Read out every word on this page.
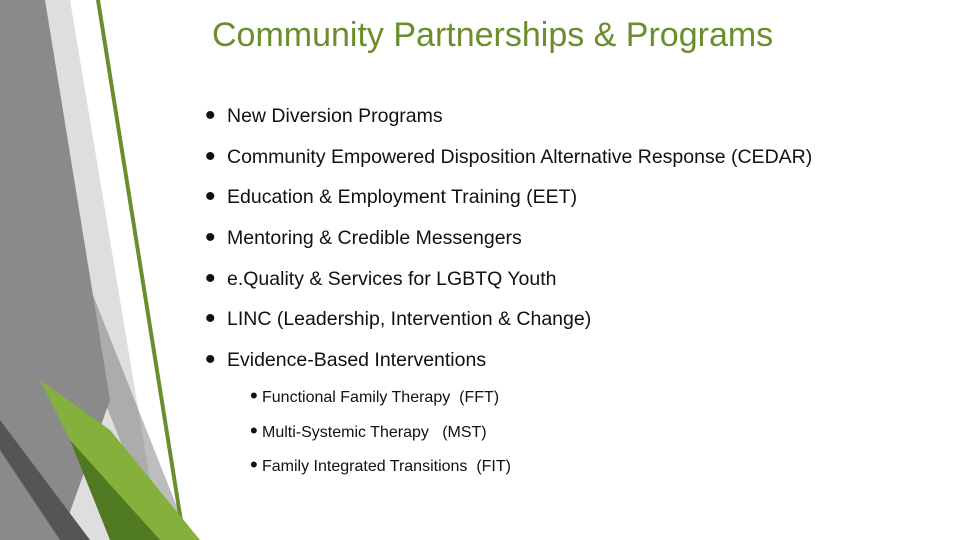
Community Partnerships & Programs
• New Diversion Programs
• Community Empowered Disposition Alternative Response (CEDAR)
• Education & Employment Training (EET)
• Mentoring & Credible Messengers
• e.Quality & Services for LGBTQ Youth
• LINC (Leadership, Intervention & Change)
• Evidence-Based Interventions
• Functional Family Therapy  (FFT)
• Multi-Systemic Therapy   (MST)
• Family Integrated Transitions  (FIT)
